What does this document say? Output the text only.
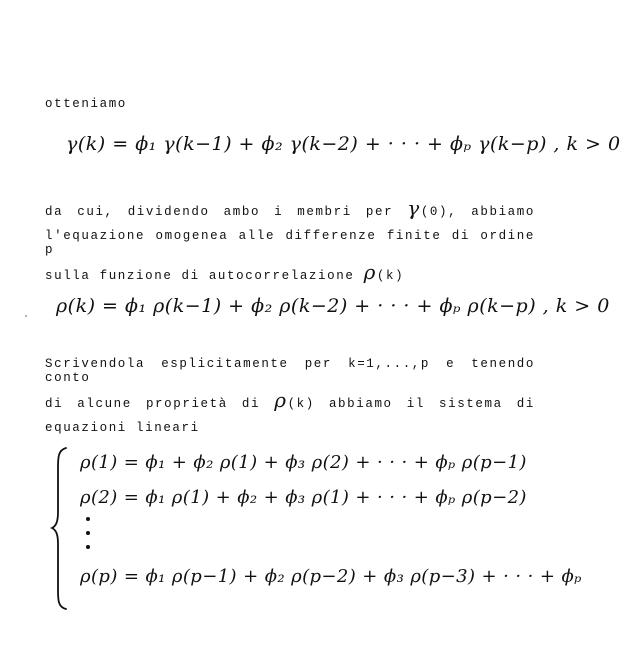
otteniamo
γ(k) = ϕ₁ γ(k−1) + ϕ₂ γ(k−2) + · · · + ϕₚ γ(k−p) , k > 0
da cui, dividendo ambo i membri per γ(0), abbiamo
l'equazione omogenea alle differenze finite di ordine p
sulla funzione di autocorrelazione ρ(k)
ρ(k) = ϕ₁ ρ(k−1) + ϕ₂ ρ(k−2) + · · · + ϕₚ ρ(k−p) , k > 0
Scrivendola esplicitamente per k=1,...,p e tenendo conto
di alcune proprietà di ρ(k) abbiamo il sistema di
equazioni lineari
ρ(1) = ϕ₁ + ϕ₂ ρ(1) + ϕ₃ ρ(2) + · · · + ϕₚ ρ(p−1)
ρ(2) = ϕ₁ ρ(1) + ϕ₂ + ϕ₃ ρ(1) + · · · + ϕₚ ρ(p−2)
ρ(p) = ϕ₁ ρ(p−1) + ϕ₂ ρ(p−2) + ϕ₃ ρ(p−3) + · · · + ϕₚ
